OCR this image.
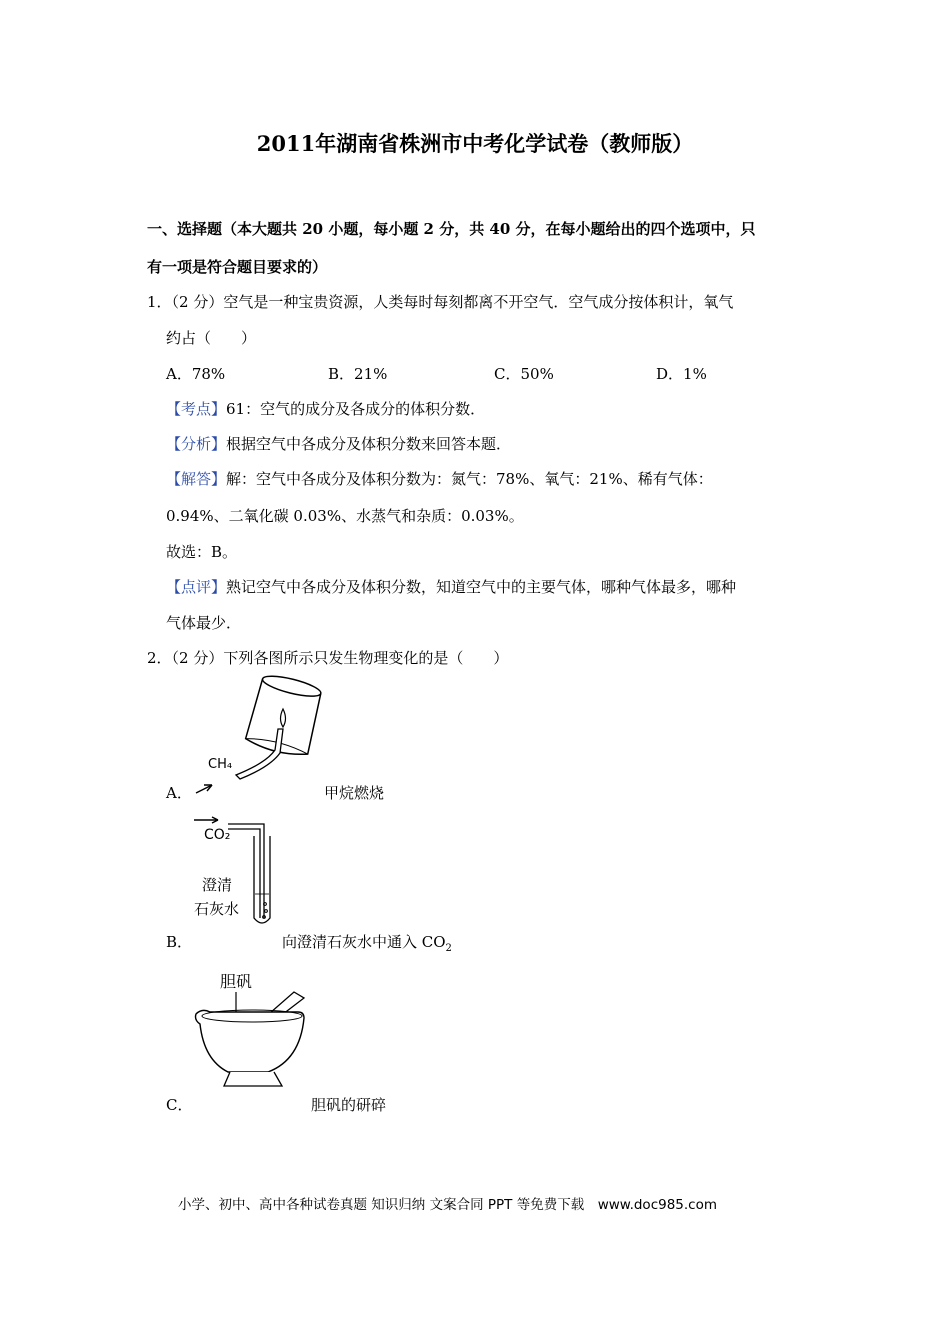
2011年湖南省株洲市中考化学试卷（教师版）
一、选择题（本大题共 20 小题，每小题 2 分，共 40 分，在每小题给出的四个选项中，只
有一项是符合题目要求的）
1．（2 分）空气是一种宝贵资源，人类每时每刻都离不开空气．空气成分按体积计，氧气
约占（　　）
A．78%	B．21%	C．50%	D．1%
【考点】61：空气的成分及各成分的体积分数．
【分析】根据空气中各成分及体积分数来回答本题．
【解答】解：空气中各成分及体积分数为：氮气：78%、氧气：21%、稀有气体：
0.94%、二氧化碳 0.03%、水蒸气和杂质：0.03%。
故选：B。
【点评】熟记空气中各成分及体积分数，知道空气中的主要气体，哪种气体最多，哪种
气体最少．
2．（2 分）下列各图所示只发生物理变化的是（　　）
CH₄
A．	甲烷燃烧
CO₂
澄清
石灰水
B．	向澄清石灰水中通入 $CO_2$
胆矾
C．	胆矾的研碎
小学、初中、高中各种试卷真题 知识归纳 文案合同 PPT 等免费下载　www.doc985.com
